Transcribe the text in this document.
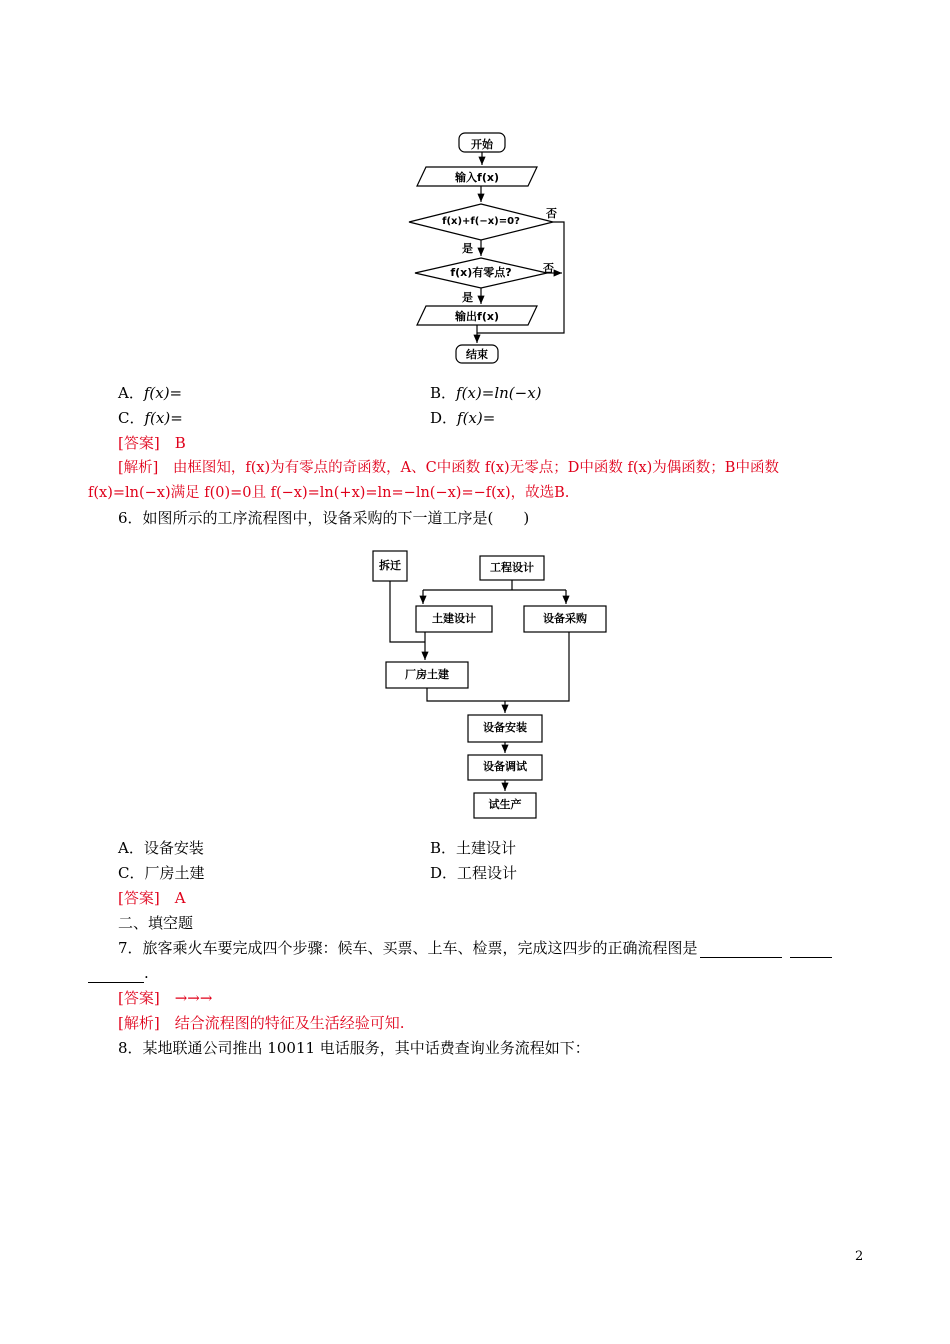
开始
输入f(x)
f(x)+f(−x)=0?
f(x)有零点?
输出f(x)
结束
是
是
否
否
A．f(x)=	B．f(x)=ln(−x)
C．f(x)=	D．f(x)=
[答案]　 B
[解析]　 由框图知，f(x)为有零点的奇函数，A、C中函数 f(x)无零点；D中函数 f(x)为偶函数；B中函数
f(x)=ln(−x)满足 f(0)=0且 f(−x)=ln(+x)=ln=−ln(−x)=−f(x)，故选B.
6．如图所示的工序流程图中，设备采购的下一道工序是(　　)
拆迁	工程设计
土建设计	设备采购
厂房土建
设备安装
设备调试
试生产
A．设备安装	B．土建设计
C．厂房土建	D．工程设计
[答案]　 A
二、填空题
7．旅客乘火车要完成四个步骤：候车、买票、上车、检票，完成这四步的正确流程图是
.
[答案]　 →→→
[解析]　 结合流程图的特征及生活经验可知.
8．某地联通公司推出 10011 电话服务，其中话费查询业务流程如下：
2
